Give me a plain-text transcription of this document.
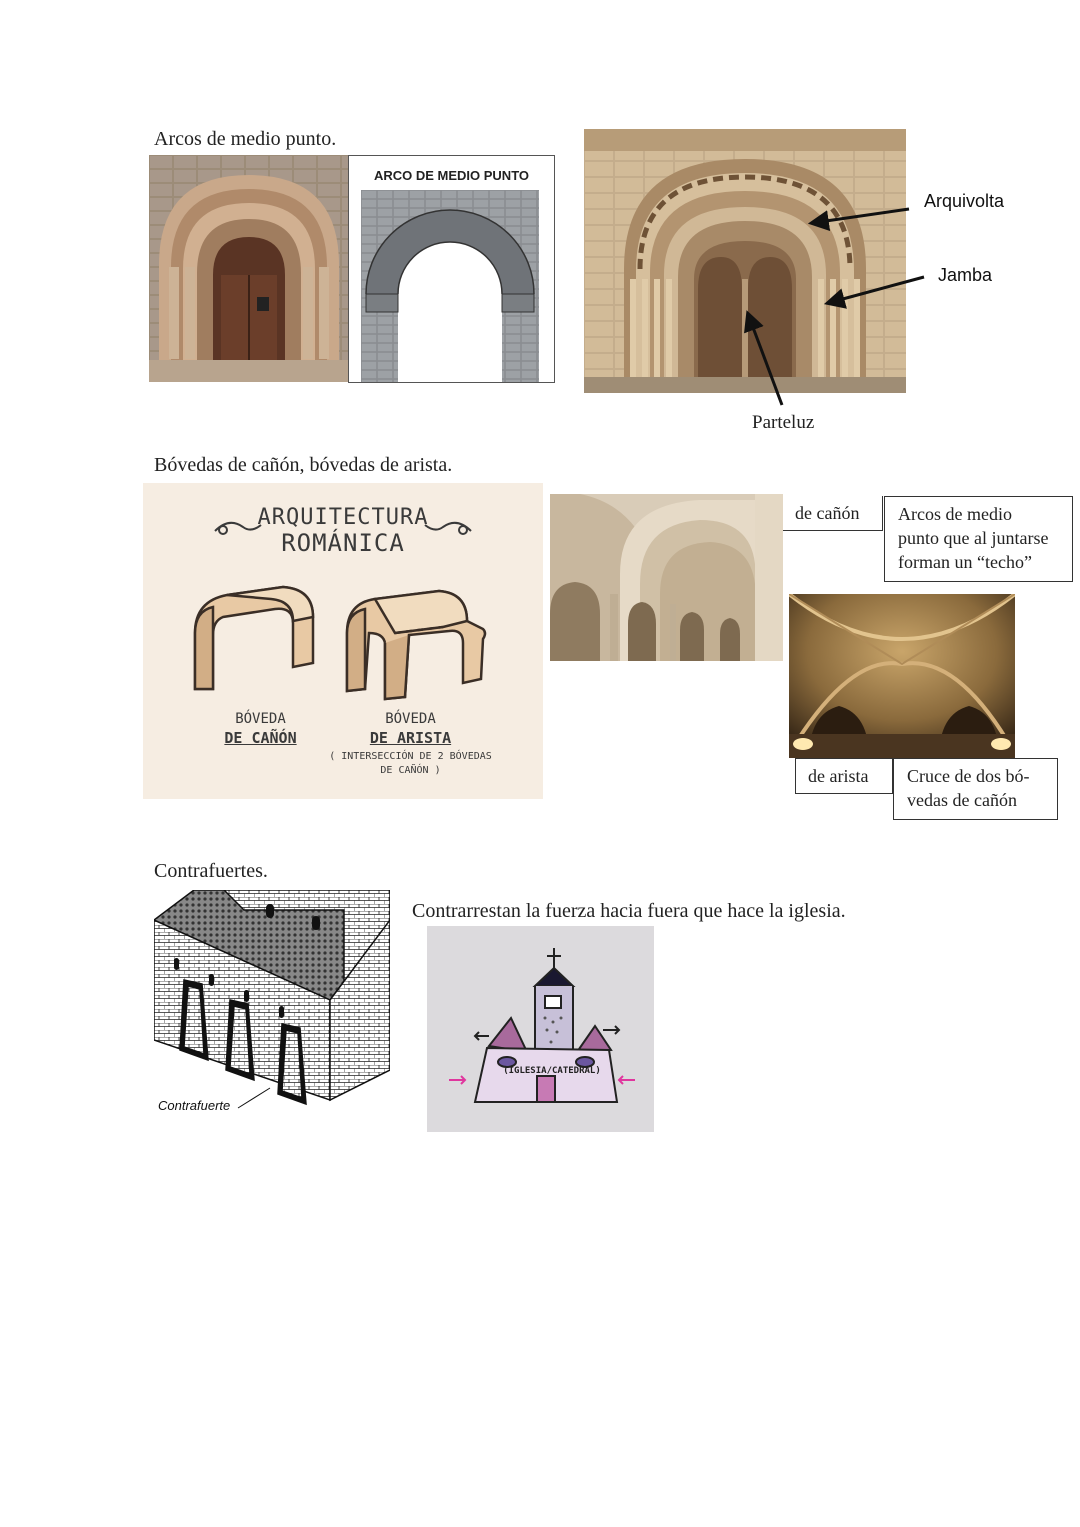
Arcos de medio punto.
ARCO DE MEDIO PUNTO
Arquivolta
Jamba
Parteluz
Bóvedas de cañón, bóvedas de arista.
ARQUITECTURA
ROMÁNICA
BÓVEDA
DE CAÑÓN
BÓVEDA
DE ARISTA
( INTERSECCIÓN DE 2 BÓVEDAS
DE CAÑÓN )
de cañón	Arcos de medio
punto que al juntarse
forman un “techo”
de arista	Cruce de dos bó-
vedas de cañón
Contrafuertes.
Contrafuerte
Contrarrestan la fuerza hacia fuera que hace la iglesia.
(IGLESIA/CATEDRAL)
